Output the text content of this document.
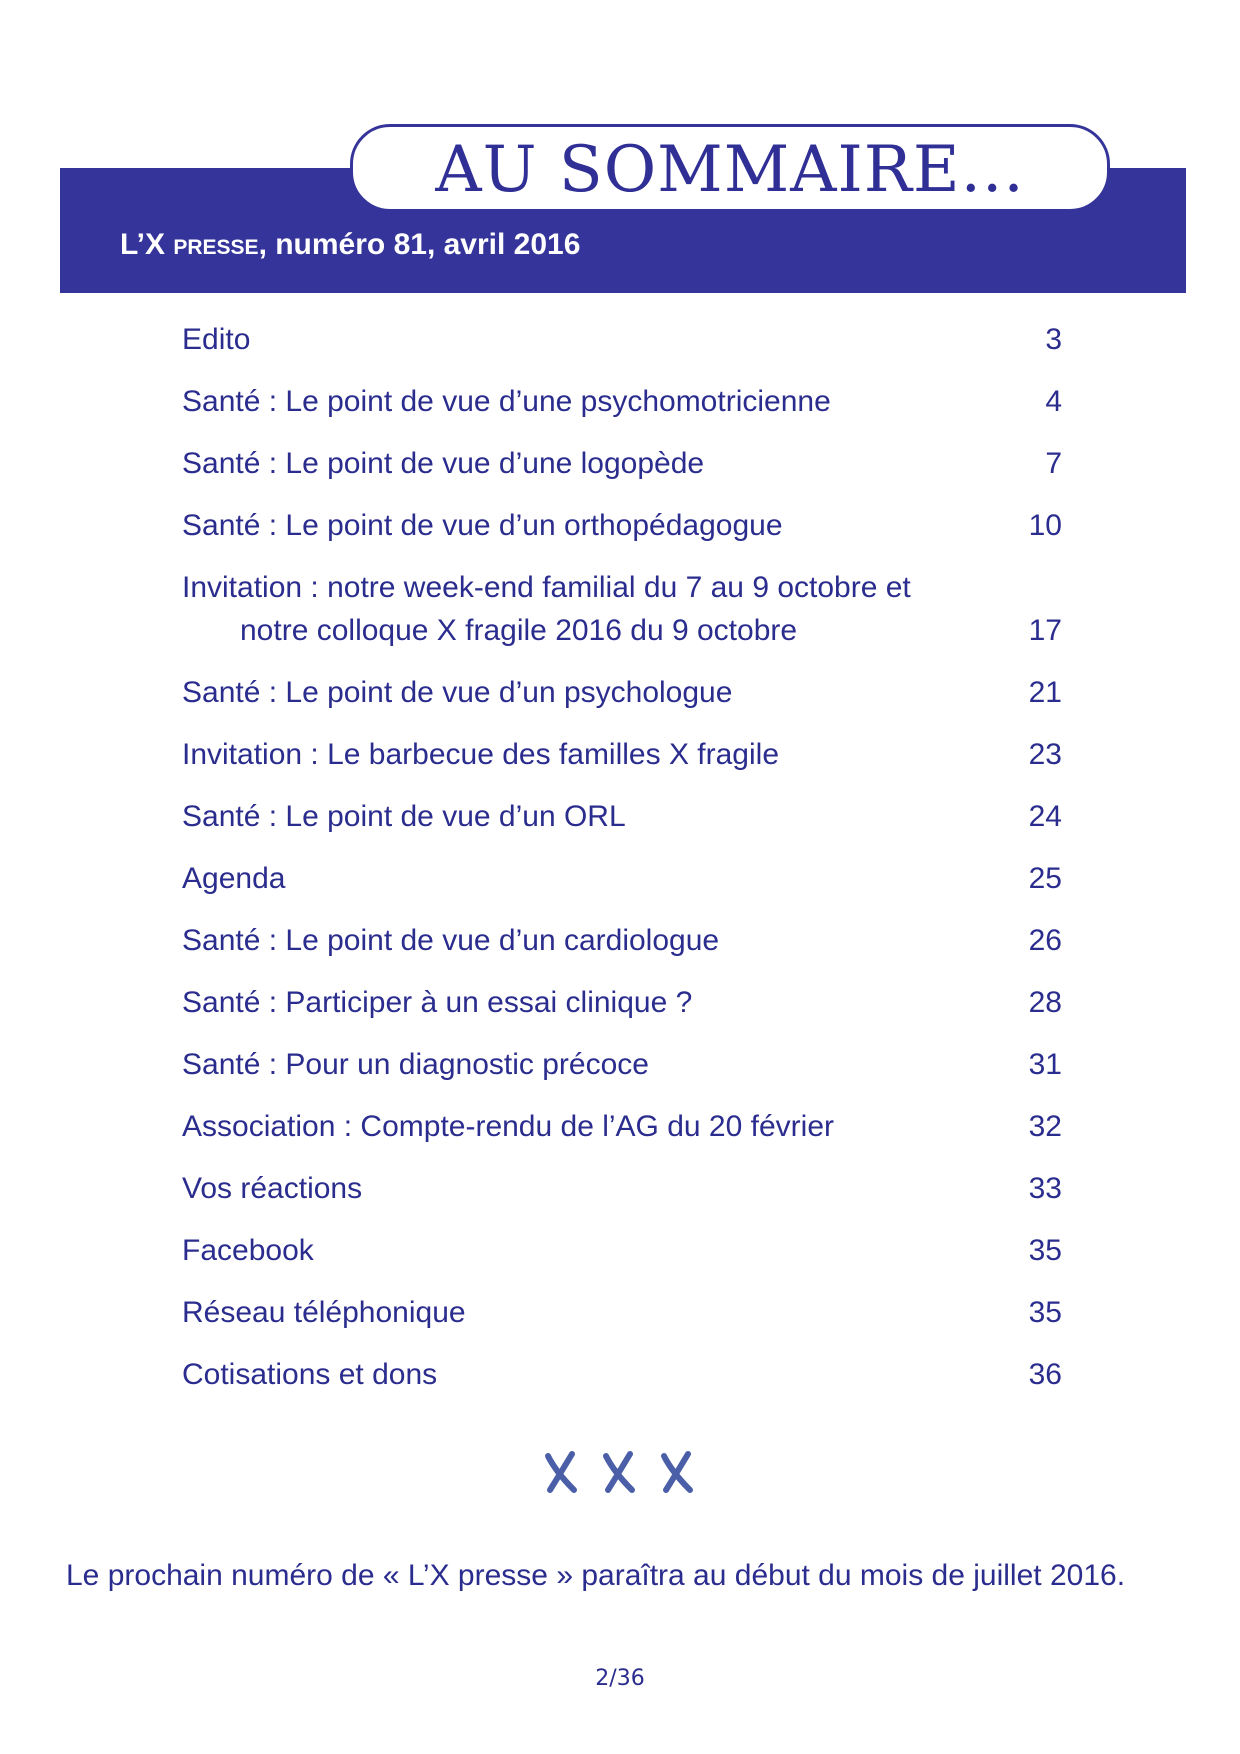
AU SOMMAIRE...
L’X presse, numéro 81, avril 2016
Edito	3
Santé : Le point de vue d’une psychomotricienne	4
Santé : Le point de vue d’une logopède	7
Santé : Le point de vue d’un orthopédagogue	10
Invitation : notre week-end familial du 7 au 9 octobre et
notre colloque X fragile 2016 du 9 octobre	17
Santé : Le point de vue d’un psychologue	21
Invitation : Le barbecue des familles X fragile	23
Santé : Le point de vue d’un ORL	24
Agenda	25
Santé : Le point de vue d’un cardiologue	26
Santé : Participer à un essai clinique ?	28
Santé : Pour un diagnostic précoce	31
Association : Compte-rendu de l’AG du 20 février	32
Vos réactions	33
Facebook	35
Réseau téléphonique	35
Cotisations et dons	36
Le prochain numéro de « L’X presse » paraîtra au début du mois de juillet 2016.
2/36
